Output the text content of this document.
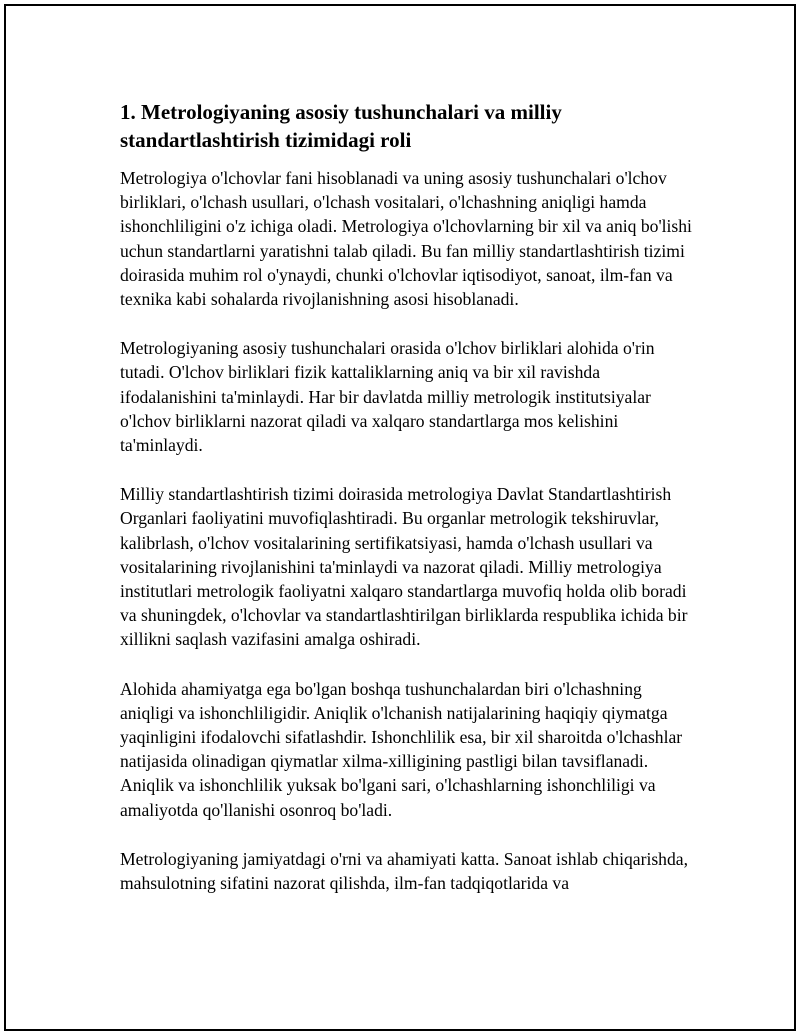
1. Metrologiyaning asosiy tushunchalari va milliy standartlashtirish tizimidagi roli

Metrologiya o'lchovlar fani hisoblanadi va uning asosiy tushunchalari o'lchov birliklari, o'lchash usullari, o'lchash vositalari, o'lchashning aniqligi hamda ishonchliligini o'z ichiga oladi. Metrologiya o'lchovlarning bir xil va aniq bo'lishi uchun standartlarni yaratishni talab qiladi. Bu fan milliy standartlashtirish tizimi doirasida muhim rol o'ynaydi, chunki o'lchovlar iqtisodiyot, sanoat, ilm-fan va texnika kabi sohalarda rivojlanishning asosi hisoblanadi.

Metrologiyaning asosiy tushunchalari orasida o'lchov birliklari alohida o'rin tutadi. O'lchov birliklari fizik kattaliklarning aniq va bir xil ravishda ifodalanishini ta'minlaydi. Har bir davlatda milliy metrologik institutsiyalar o'lchov birliklarni nazorat qiladi va xalqaro standartlarga mos kelishini ta'minlaydi.

Milliy standartlashtirish tizimi doirasida metrologiya Davlat Standartlashtirish Organlari faoliyatini muvofiqlashtiradi. Bu organlar metrologik tekshiruvlar, kalibrlash, o'lchov vositalarining sertifikatsiyasi, hamda o'lchash usullari va vositalarining rivojlanishini ta'minlaydi va nazorat qiladi. Milliy metrologiya institutlari metrologik faoliyatni xalqaro standartlarga muvofiq holda olib boradi va shuningdek, o'lchovlar va standartlashtirilgan birliklarda respublika ichida bir xillikni saqlash vazifasini amalga oshiradi.

Alohida ahamiyatga ega bo'lgan boshqa tushunchalardan biri o'lchashning aniqligi va ishonchliligidir. Aniqlik o'lchanish natijalarining haqiqiy qiymatga yaqinligini ifodalovchi sifatlashdir. Ishonchlilik esa, bir xil sharoitda o'lchashlar natijasida olinadigan qiymatlar xilma-xilligining pastligi bilan tavsiflanadi. Aniqlik va ishonchlilik yuksak bo'lgani sari, o'lchashlarning ishonchliligi va amaliyotda qo'llanishi osonroq bo'ladi.

Metrologiyaning jamiyatdagi o'rni va ahamiyati katta. Sanoat ishlab chiqarishda, mahsulotning sifatini nazorat qilishda, ilm-fan tadqiqotlarida va
